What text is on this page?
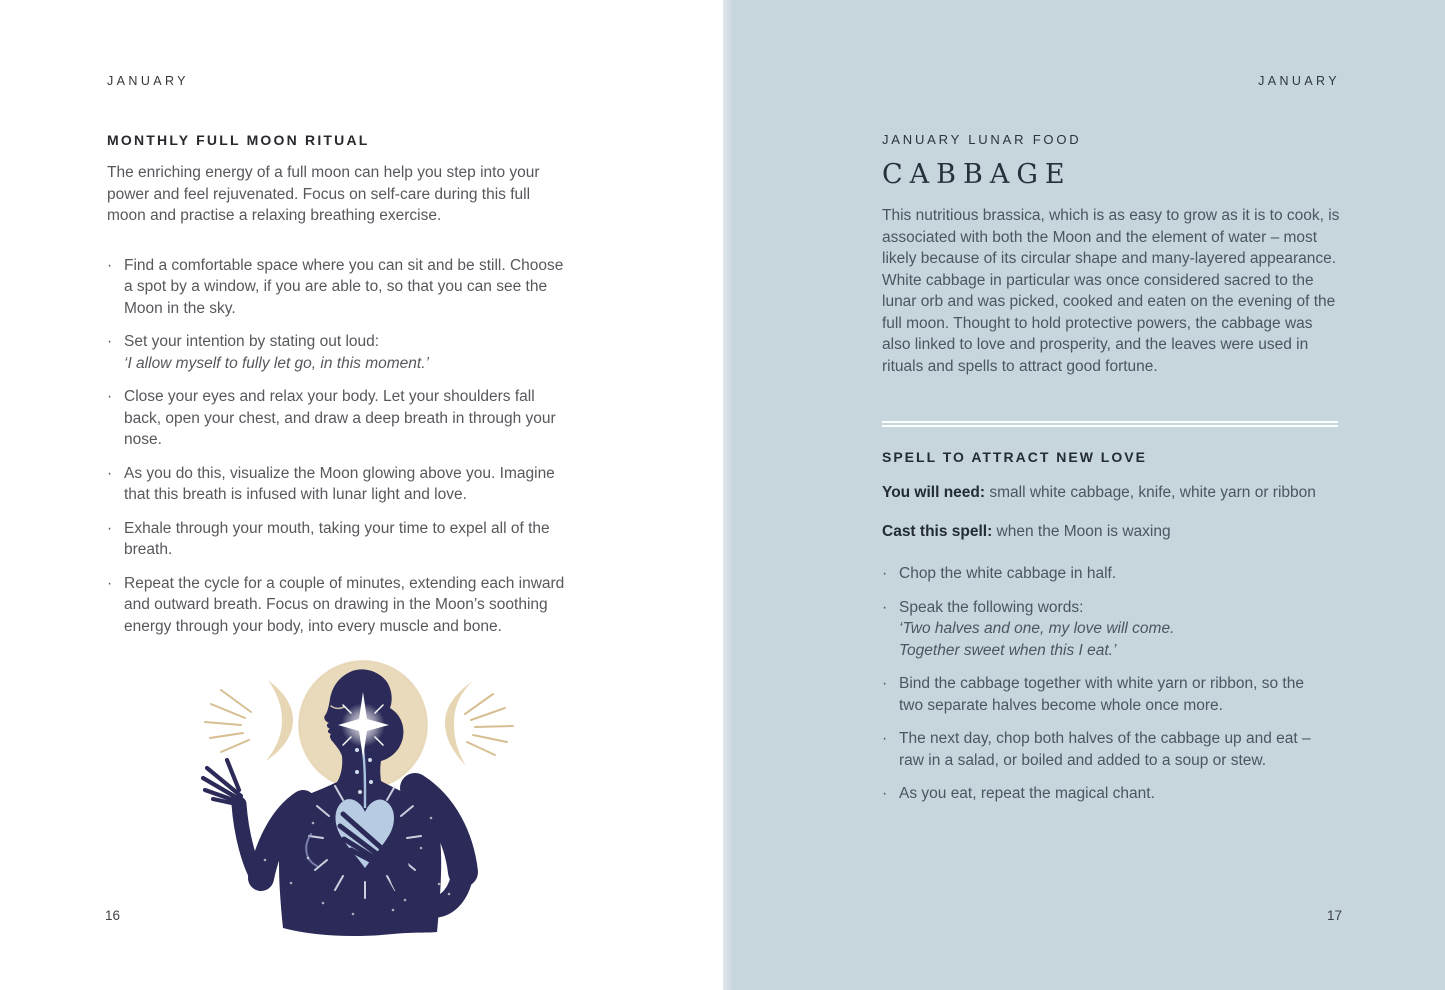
JANUARY
MONTHLY FULL MOON RITUAL

The enriching energy of a full moon can help you step into your power and feel rejuvenated. Focus on self-care during this full moon and practise a relaxing breathing exercise.

· Find a comfortable space where you can sit and be still. Choose a spot by a window, if you are able to, so that you can see the Moon in the sky.
· Set your intention by stating out loud:
‘I allow myself to fully let go, in this moment.’
· Close your eyes and relax your body. Let your shoulders fall back, open your chest, and draw a deep breath in through your nose.
· As you do this, visualize the Moon glowing above you. Imagine that this breath is infused with lunar light and love.
· Exhale through your mouth, taking your time to expel all of the breath.
· Repeat the cycle for a couple of minutes, extending each inward and outward breath. Focus on drawing in the Moon’s soothing energy through your body, into every muscle and bone.
16
JANUARY
JANUARY LUNAR FOOD
CABBAGE

This nutritious brassica, which is as easy to grow as it is to cook, is associated with both the Moon and the element of water – most likely because of its circular shape and many-layered appearance. White cabbage in particular was once considered sacred to the lunar orb and was picked, cooked and eaten on the evening of the full moon. Thought to hold protective powers, the cabbage was also linked to love and prosperity, and the leaves were used in rituals and spells to attract good fortune.

SPELL TO ATTRACT NEW LOVE

You will need: small white cabbage, knife, white yarn or ribbon

Cast this spell: when the Moon is waxing

· Chop the white cabbage in half.
· Speak the following words:
‘Two halves and one, my love will come.
Together sweet when this I eat.’
· Bind the cabbage together with white yarn or ribbon, so the two separate halves become whole once more.
· The next day, chop both halves of the cabbage up and eat – raw in a salad, or boiled and added to a soup or stew.
· As you eat, repeat the magical chant.
17
